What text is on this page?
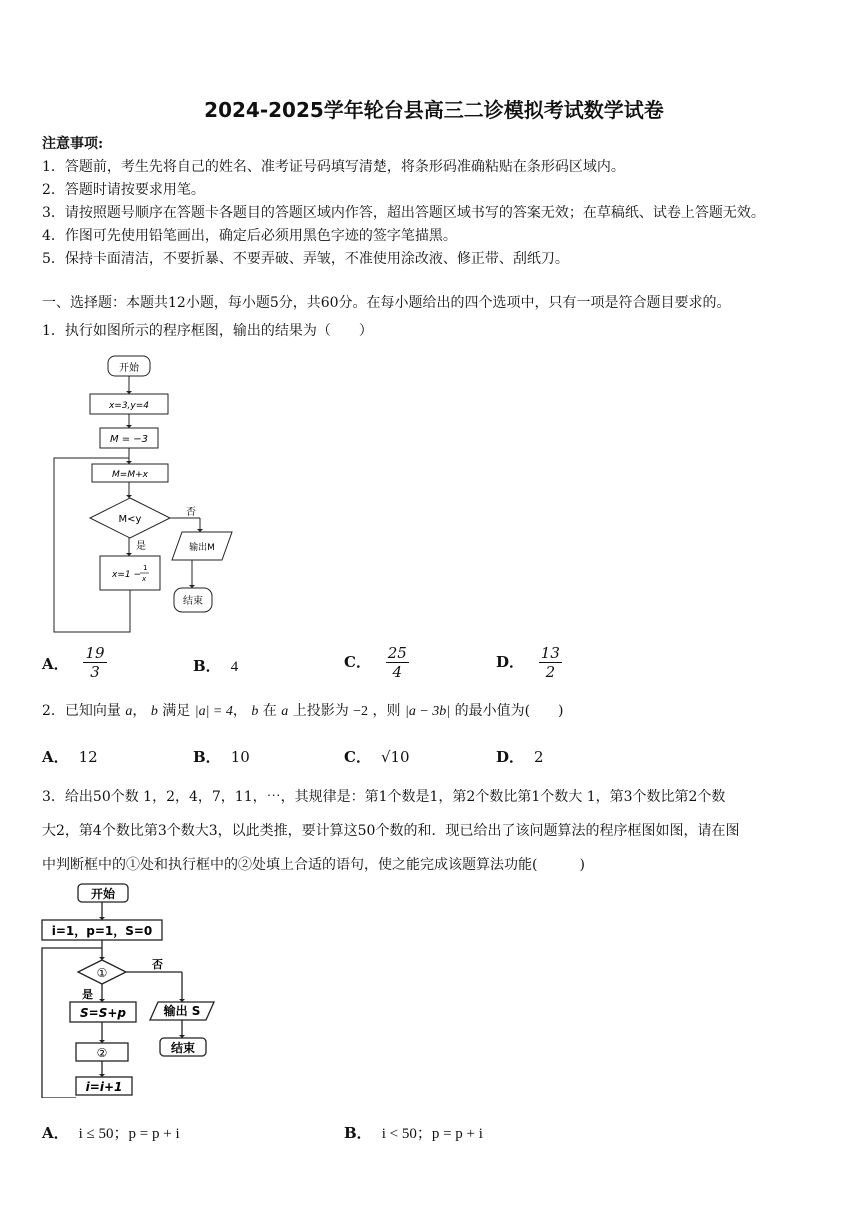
2024-2025学年轮台县高三二诊模拟考试数学试卷
注意事项:
1．答题前，考生先将自己的姓名、准考证号码填写清楚，将条形码准确粘贴在条形码区域内。
2．答题时请按要求用笔。
3．请按照题号顺序在答题卡各题目的答题区域内作答，超出答题区域书写的答案无效；在草稿纸、试卷上答题无效。
4．作图可先使用铅笔画出，确定后必须用黑色字迹的签字笔描黑。
5．保持卡面清洁，不要折暴、不要弄破、弄皱，不准使用涂改液、修正带、刮纸刀。
一、选择题：本题共12小题，每小题5分，共60分。在每小题给出的四个选项中，只有一项是符合题目要求的。
1．执行如图所示的程序框图，输出的结果为（　　）
开始
x=3,y=4
M = −3
M=M+x
M<y
否
是
x=1 −
1
x
输出M
结束
A． $\frac{19}{3}$	B． 4	C． $\frac{25}{4}$	D． $\frac{13}{2}$
2．已知向量 a， b 满足 |a| = 4， b 在 a 上投影为 −2 ，则 |a − 3b| 的最小值为(　　)
A． 12	B． 10	C． √10	D． 2
3．给出50个数 1，2，4，7，11，⋯，其规律是：第1个数是1，第2个数比第1个数大 1，第3个数比第2个数
大2，第4个数比第3个数大3，以此类推，要计算这50个数的和．现已给出了该问题算法的程序框图如图，请在图
中判断框中的①处和执行框中的②处填上合适的语句，使之能完成该题算法功能(　　　)
开始
i=1，p=1，S=0
①
否
是
S=S+p	输出 S
结束
②
i=i+1
A． i ≤ 50；p = p + i	B． i < 50；p = p + i
